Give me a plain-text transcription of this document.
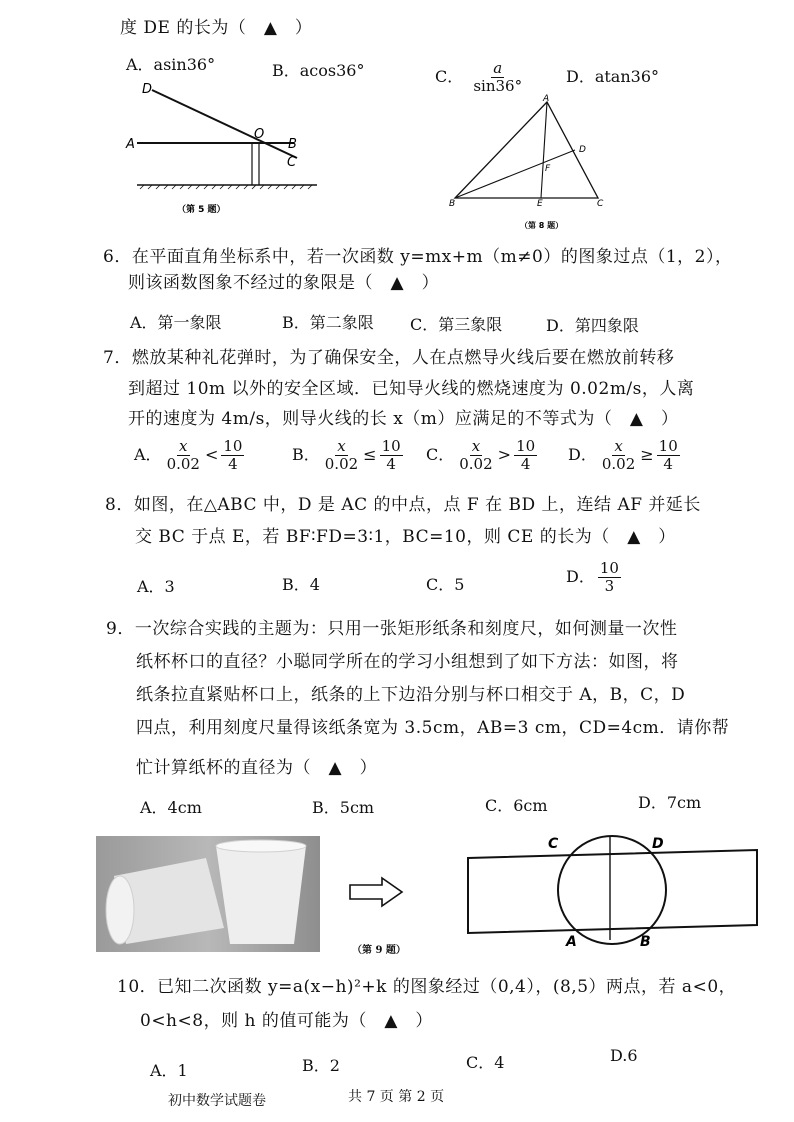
度 DE 的长为（　▲　）
A．asin36°	B．acos36°	C． $\frac{a}{\sin 36^\circ}$	D．atan36°
D
A
O
B
C
（第 5 题）
A
D
F
B	E	C
（第 8 题）
6．在平面直角坐标系中，若一次函数 y=mx+m（m≠0）的图象过点（1，2），
则该函数图象不经过的象限是（　▲　）
A．第一象限	B．第二象限 C．第三象限	D．第四象限
7．燃放某种礼花弹时，为了确保安全，人在点燃导火线后要在燃放前转移
到超过 10m 以外的安全区域．已知导火线的燃烧速度为 0.02m/s，人离
开的速度为 4m/s，则导火线的长 x（m）应满足的不等式为（　▲　）
A． $\frac{x}{0.02} < \frac{10}{4}$	B． $\frac{x}{0.02} \le \frac{10}{4}$ C． $\frac{x}{0.02} > \frac{10}{4}$ D． $\frac{x}{0.02} \ge \frac{10}{4}$
8．如图，在△ABC 中，D 是 AC 的中点，点 F 在 BD 上，连结 AF 并延长
交 BC 于点 E，若 BF∶FD=3∶1，BC=10，则 CE 的长为（　▲　）
A．3	B．4	C．5	D． $\frac{10}{3}$
9．一次综合实践的主题为：只用一张矩形纸条和刻度尺，如何测量一次性
纸杯杯口的直径？小聪同学所在的学习小组想到了如下方法：如图，将
纸条拉直紧贴杯口上，纸条的上下边沿分别与杯口相交于 A，B，C，D
四点，利用刻度尺量得该纸条宽为 3.5cm，AB=3 cm，CD=4cm．请你帮
忙计算纸杯的直径为（　▲　）
A．4cm	B．5cm	C．6cm	D．7cm
（第 9 题）
C	D
A	B
10．已知二次函数 y=a(x−h)²+k 的图象经过（0,4），(8,5）两点，若 a<0，
0<h<8，则 h 的值可能为（　▲　）
A．1	B．2	C．4	D.6
初中数学试题卷	共 7 页 第 2 页
